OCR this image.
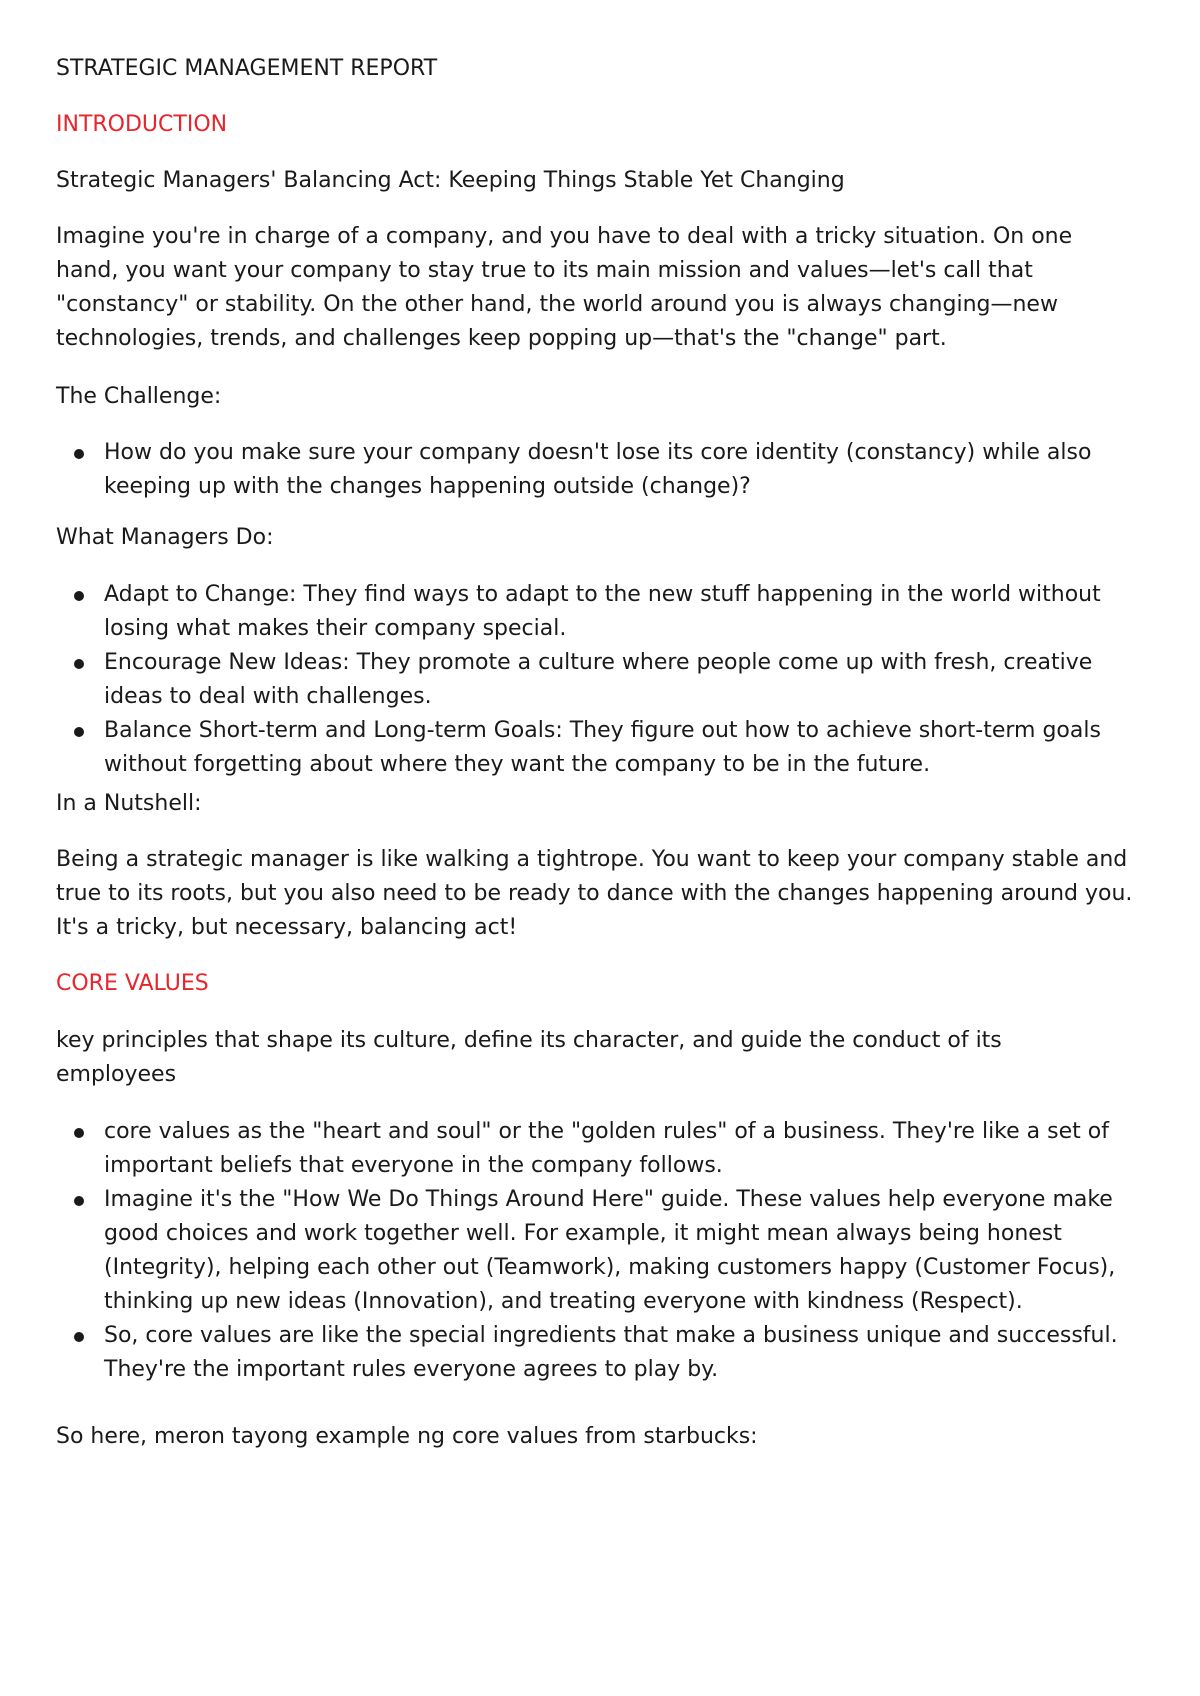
STRATEGIC MANAGEMENT REPORT

INTRODUCTION

Strategic Managers' Balancing Act: Keeping Things Stable Yet Changing

Imagine you're in charge of a company, and you have to deal with a tricky situation. On one hand, you want your company to stay true to its main mission and values—let's call that "constancy" or stability. On the other hand, the world around you is always changing—new technologies, trends, and challenges keep popping up—that's the "change" part.

The Challenge:

How do you make sure your company doesn't lose its core identity (constancy) while also keeping up with the changes happening outside (change)?

What Managers Do:

Adapt to Change: They find ways to adapt to the new stuff happening in the world without losing what makes their company special.
Encourage New Ideas: They promote a culture where people come up with fresh, creative ideas to deal with challenges.
Balance Short-term and Long-term Goals: They figure out how to achieve short-term goals without forgetting about where they want the company to be in the future.

In a Nutshell:

Being a strategic manager is like walking a tightrope. You want to keep your company stable and true to its roots, but you also need to be ready to dance with the changes happening around you. It's a tricky, but necessary, balancing act!

CORE VALUES

key principles that shape its culture, define its character, and guide the conduct of its employees

core values as the "heart and soul" or the "golden rules" of a business. They're like a set of important beliefs that everyone in the company follows.
Imagine it's the "How We Do Things Around Here" guide. These values help everyone make good choices and work together well. For example, it might mean always being honest (Integrity), helping each other out (Teamwork), making customers happy (Customer Focus), thinking up new ideas (Innovation), and treating everyone with kindness (Respect).
So, core values are like the special ingredients that make a business unique and successful. They're the important rules everyone agrees to play by.

So here, meron tayong example ng core values from starbucks:
